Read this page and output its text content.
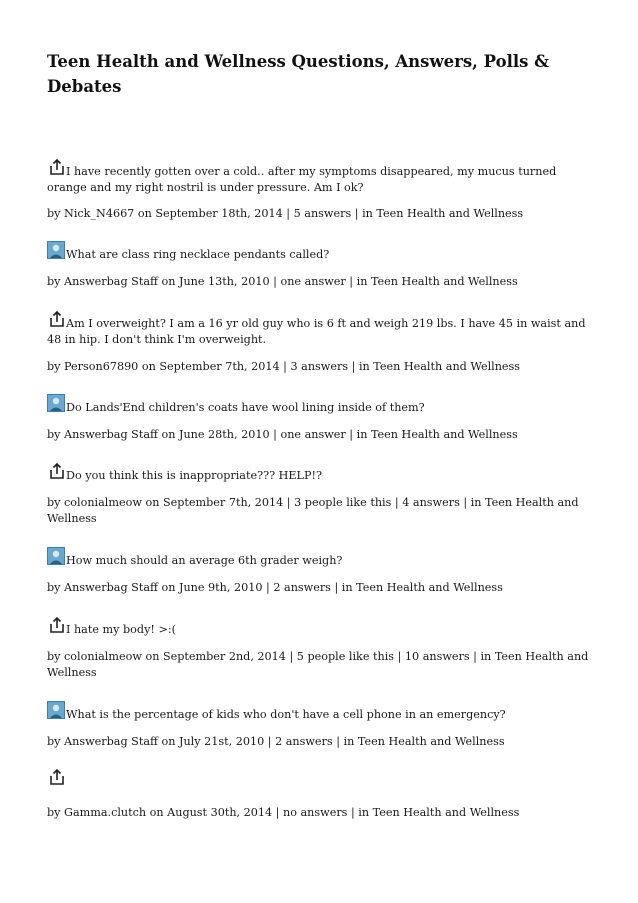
Teen Health and Wellness Questions, Answers, Polls & Debates
I have recently gotten over a cold.. after my symptoms disappeared, my mucus turned orange and my right nostril is under pressure. Am I ok?
by Nick_N4667 on September 18th, 2014 | 5 answers | in Teen Health and Wellness
What are class ring necklace pendants called?
by Answerbag Staff on June 13th, 2010 | one answer | in Teen Health and Wellness
Am I overweight? I am a 16 yr old guy who is 6 ft and weigh 219 lbs. I have 45 in waist and 48 in hip. I don't think I'm overweight.
by Person67890 on September 7th, 2014 | 3 answers | in Teen Health and Wellness
Do Lands'End children's coats have wool lining inside of them?
by Answerbag Staff on June 28th, 2010 | one answer | in Teen Health and Wellness
Do you think this is inappropriate??? HELP!?
by colonialmeow on September 7th, 2014 | 3 people like this | 4 answers | in Teen Health and Wellness
How much should an average 6th grader weigh?
by Answerbag Staff on June 9th, 2010 | 2 answers | in Teen Health and Wellness
I hate my body! >:(
by colonialmeow on September 2nd, 2014 | 5 people like this | 10 answers | in Teen Health and Wellness
What is the percentage of kids who don't have a cell phone in an emergency?
by Answerbag Staff on July 21st, 2010 | 2 answers | in Teen Health and Wellness
by Gamma.clutch on August 30th, 2014 | no answers | in Teen Health and Wellness
